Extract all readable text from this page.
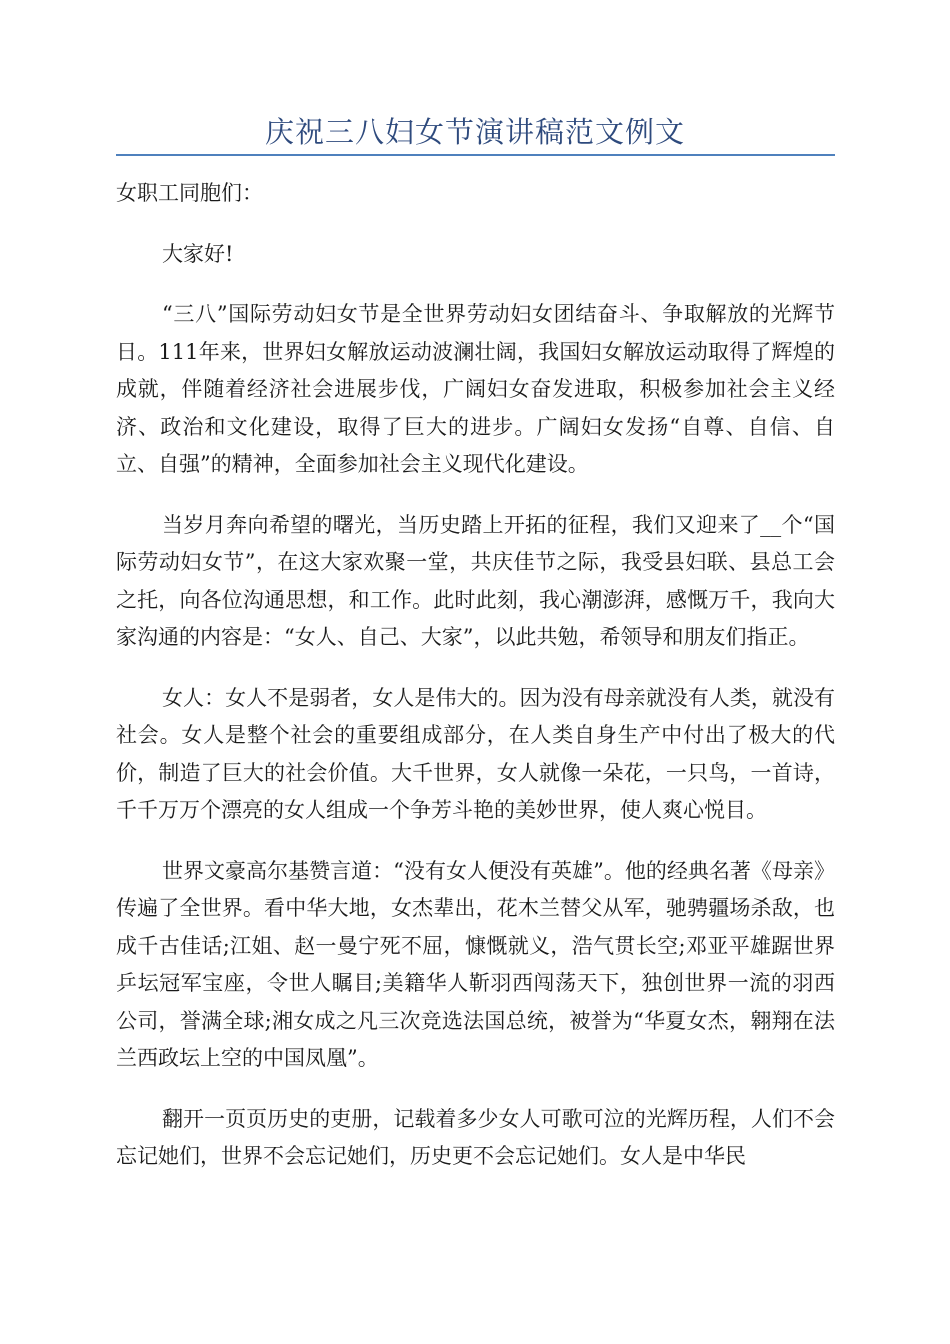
庆祝三八妇女节演讲稿范文例文

女职工同胞们：

大家好!

“三八”国际劳动妇女节是全世界劳动妇女团结奋斗、争取解放的光辉节日。111年来，世界妇女解放运动波澜壮阔，我国妇女解放运动取得了辉煌的成就，伴随着经济社会进展步伐，广阔妇女奋发进取，积极参加社会主义经济、政治和文化建设，取得了巨大的进步。广阔妇女发扬“自尊、自信、自立、自强”的精神，全面参加社会主义现代化建设。

当岁月奔向希望的曙光，当历史踏上开拓的征程，我们又迎来了__个“国际劳动妇女节”，在这大家欢聚一堂，共庆佳节之际，我受县妇联、县总工会之托，向各位沟通思想，和工作。此时此刻，我心潮澎湃，感慨万千，我向大家沟通的内容是：“女人、自己、大家”，以此共勉，希领导和朋友们指正。

女人：女人不是弱者，女人是伟大的。因为没有母亲就没有人类，就没有社会。女人是整个社会的重要组成部分，在人类自身生产中付出了极大的代价，制造了巨大的社会价值。大千世界，女人就像一朵花，一只鸟，一首诗，千千万万个漂亮的女人组成一个争芳斗艳的美妙世界，使人爽心悦目。

世界文豪高尔基赞言道：“没有女人便没有英雄”。他的经典名著《母亲》传遍了全世界。看中华大地，女杰辈出，花木兰替父从军，驰骋疆场杀敌，也成千古佳话;江姐、赵一曼宁死不屈，慷慨就义，浩气贯长空;邓亚平雄踞世界乒坛冠军宝座，令世人瞩目;美籍华人靳羽西闯荡天下，独创世界一流的羽西公司，誉满全球;湘女成之凡三次竞选法国总统，被誉为“华夏女杰，翱翔在法兰西政坛上空的中国凤凰”。

翻开一页页历史的吏册，记载着多少女人可歌可泣的光辉历程，人们不会忘记她们，世界不会忘记她们，历史更不会忘记她们。女人是中华民
